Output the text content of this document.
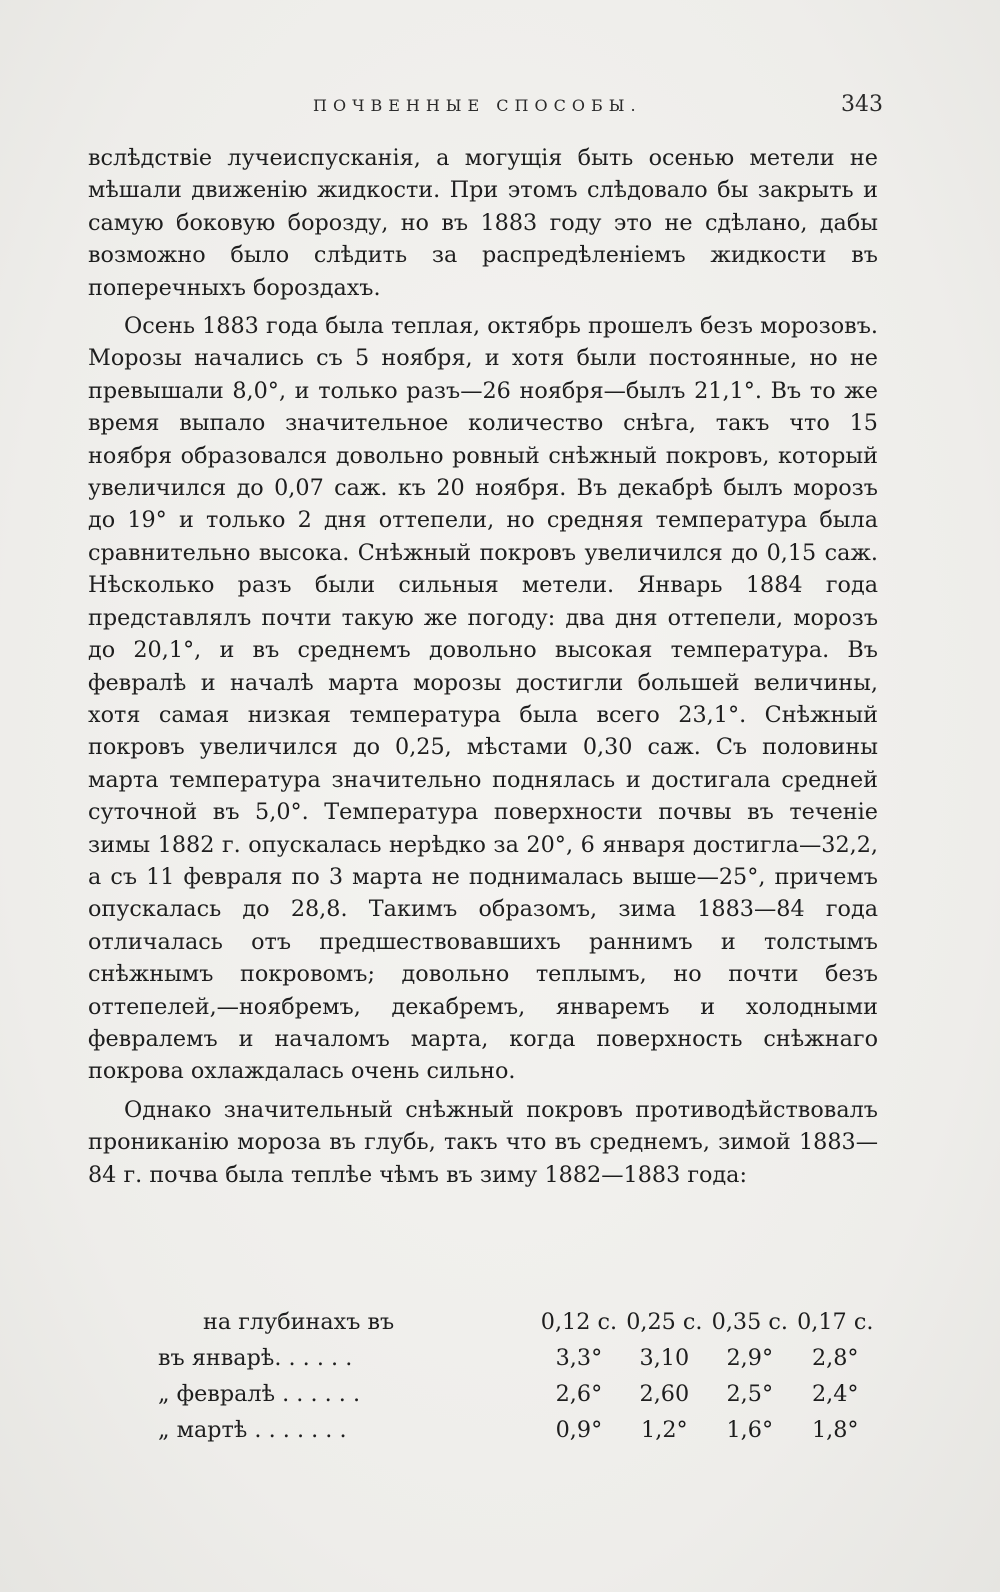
ПОЧВЕННЫЕ СПОСОБЫ.	343

вслѣдствіе лучеиспусканія, а могущія быть осенью метели не мѣшали движенію жидкости. При этомъ слѣдовало бы закрыть и самую боковую борозду, но въ 1883 году это не сдѣлано, дабы возможно было слѣдить за распредѣленіемъ жидкости въ поперечныхъ бороздахъ.

Осень 1883 года была теплая, октябрь прошелъ безъ морозовъ. Морозы начались съ 5 ноября, и хотя были постоянные, но не превышали 8,0°, и только разъ—26 ноября—былъ 21,1°. Въ то же время выпало значительное количество снѣга, такъ что 15 ноября образовался довольно ровный снѣжный покровъ, который увеличился до 0,07 саж. къ 20 ноября. Въ декабрѣ былъ морозъ до 19° и только 2 дня оттепели, но средняя температура была сравнительно высока. Снѣжный покровъ увеличился до 0,15 саж. Нѣсколько разъ были сильныя метели. Январь 1884 года представлялъ почти такую же погоду: два дня оттепели, морозъ до 20,1°, и въ среднемъ довольно высокая температура. Въ февралѣ и началѣ марта морозы достигли большей величины, хотя самая низкая температура была всего 23,1°. Снѣжный покровъ увеличился до 0,25, мѣстами 0,30 саж. Съ половины марта температура значительно поднялась и достигала средней суточной въ 5,0°. Температура поверхности почвы въ теченіе зимы 1882 г. опускалась нерѣдко за 20°, 6 января достигла—32,2, а съ 11 февраля по 3 марта не поднималась выше—25°, причемъ опускалась до 28,8. Такимъ образомъ, зима 1883—84 года отличалась отъ предшествовавшихъ раннимъ и толстымъ снѣжнымъ покровомъ; довольно теплымъ, но почти безъ оттепелей,—ноябремъ, декабремъ, январемъ и холодными февралемъ и началомъ марта, когда поверхность снѣжнаго покрова охлаждалась очень сильно.

Однако значительный снѣжный покровъ противодѣйствовалъ прониканію мороза въ глубь, такъ что въ среднемъ, зимой 1883—84 г. почва была теплѣе чѣмъ въ зиму 1882—1883 года:

на глубинахъ въ	0,12 с.	0,25 с.	0,35 с.	0,17 с.
въ январѣ. . . . . .	3,3°	3,10	2,9°	2,8°
„ февралѣ . . . . . .	2,6°	2,60	2,5°	2,4°
„ мартѣ . . . . . . .	0,9°	1,2°	1,6°	1,8°
